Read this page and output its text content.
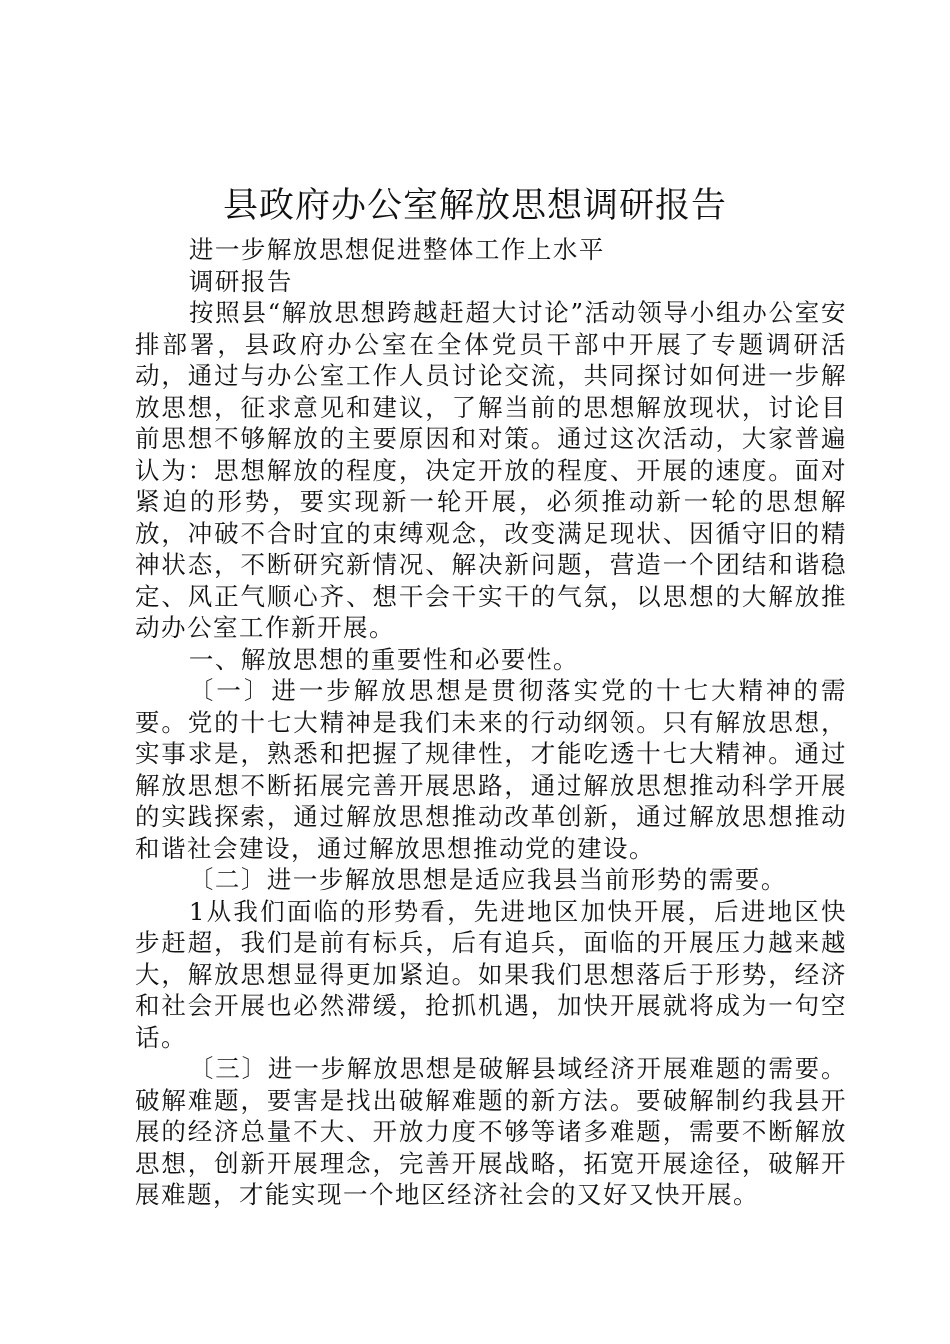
县政府办公室解放思想调研报告

进一步解放思想促进整体工作上水平

调研报告

按照县“解放思想跨越赶超大讨论”活动领导小组办公室安排部署，县政府办公室在全体党员干部中开展了专题调研活动，通过与办公室工作人员讨论交流，共同探讨如何进一步解放思想，征求意见和建议，了解当前的思想解放现状，讨论目前思想不够解放的主要原因和对策。通过这次活动，大家普遍认为：思想解放的程度，决定开放的程度、开展的速度。面对紧迫的形势，要实现新一轮开展，必须推动新一轮的思想解放，冲破不合时宜的束缚观念，改变满足现状、因循守旧的精神状态，不断研究新情况、解决新问题，营造一个团结和谐稳定、风正气顺心齐、想干会干实干的气氛，以思想的大解放推动办公室工作新开展。

一、解放思想的重要性和必要性。

〔一〕进一步解放思想是贯彻落实党的十七大精神的需要。党的十七大精神是我们未来的行动纲领。只有解放思想，实事求是，熟悉和把握了规律性，才能吃透十七大精神。通过解放思想不断拓展完善开展思路，通过解放思想推动科学开展的实践探索，通过解放思想推动改革创新，通过解放思想推动和谐社会建设，通过解放思想推动党的建设。

〔二〕进一步解放思想是适应我县当前形势的需要。

1从我们面临的形势看，先进地区加快开展，后进地区快步赶超，我们是前有标兵，后有追兵，面临的开展压力越来越大，解放思想显得更加紧迫。如果我们思想落后于形势，经济和社会开展也必然滞缓，抢抓机遇，加快开展就将成为一句空话。

〔三〕进一步解放思想是破解县域经济开展难题的需要。破解难题，要害是找出破解难题的新方法。要破解制约我县开展的经济总量不大、开放力度不够等诸多难题，需要不断解放思想，创新开展理念，完善开展战略，拓宽开展途径，破解开展难题，才能实现一个地区经济社会的又好又快开展。
